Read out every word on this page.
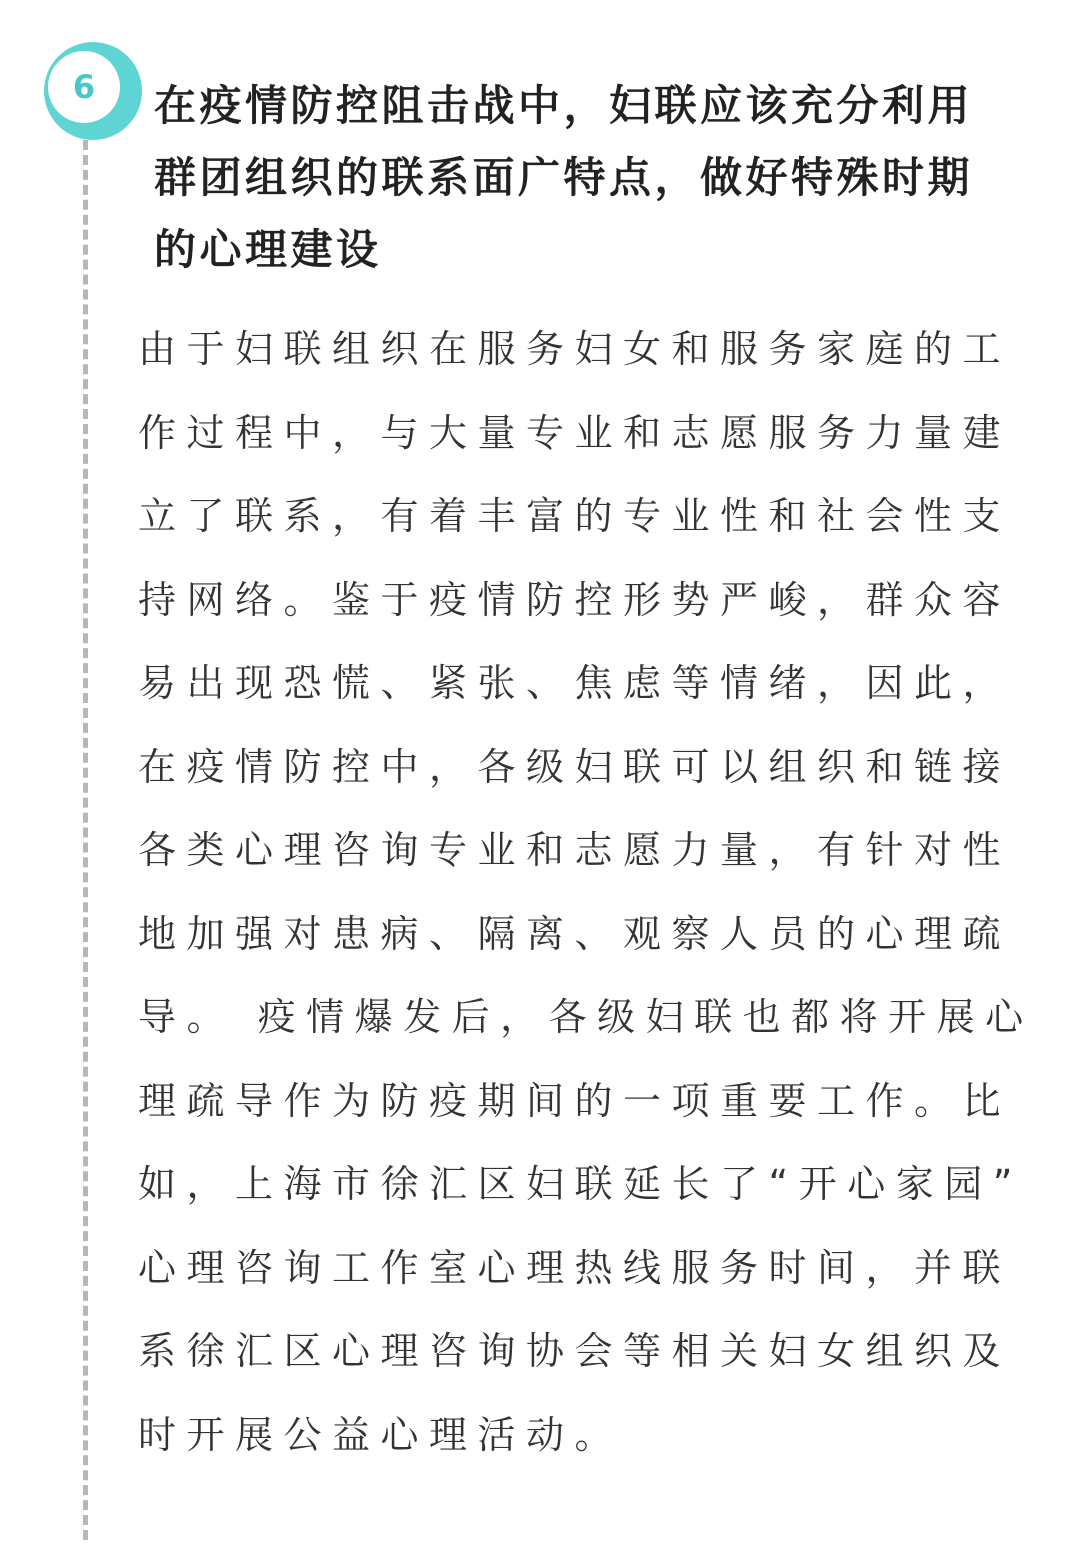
6 在疫情防控阻击战中，妇联应该充分利用
群团组织的联系面广特点，做好特殊时期
的心理建设
由于妇联组织在服务妇女和服务家庭的工
作过程中，与大量专业和志愿服务力量建
立了联系，有着丰富的专业性和社会性支
持网络。鉴于疫情防控形势严峻，群众容
易出现恐慌、紧张、焦虑等情绪，因此，
在疫情防控中，各级妇联可以组织和链接
各类心理咨询专业和志愿力量，有针对性
地加强对患病、隔离、观察人员的心理疏
导。 疫情爆发后，各级妇联也都将开展心
理疏导作为防疫期间的一项重要工作。比
如，上海市徐汇区妇联延长了“开心家园”
心理咨询工作室心理热线服务时间，并联
系徐汇区心理咨询协会等相关妇女组织及
时开展公益心理活动。
